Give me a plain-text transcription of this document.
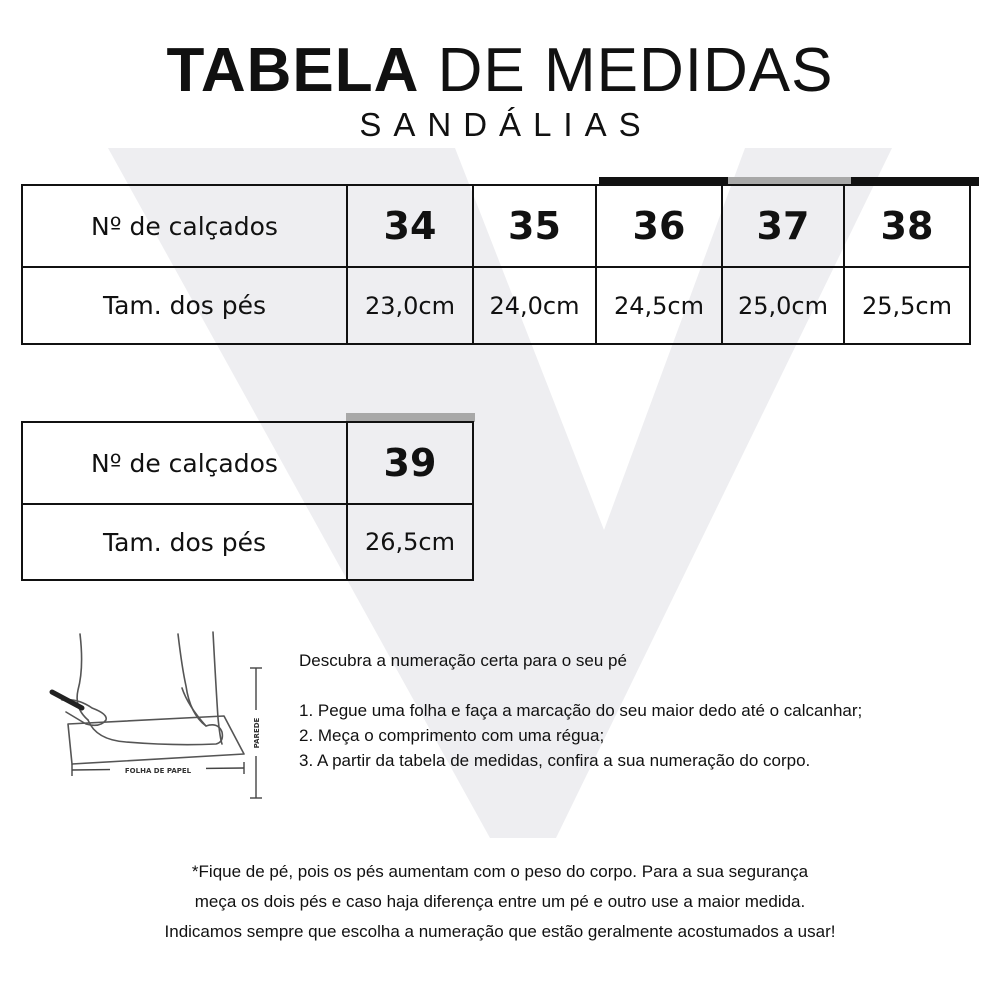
TABELA DE MEDIDAS
SANDÁLIAS
Nº de calçados	34	35	36	37	38
Tam. dos pés	23,0cm	24,0cm	24,5cm	25,0cm	25,5cm
Nº de calçados	39
Tam. dos pés	26,5cm
FOLHA DE PAPEL
PAREDE
Descubra a numeração certa para o seu pé
1. Pegue uma folha e faça a marcação do seu maior dedo até o calcanhar;
2. Meça o comprimento com uma régua;
3. A partir da tabela de medidas, confira a sua numeração do corpo.
*Fique de pé, pois os pés aumentam com o peso do corpo. Para a sua segurança
meça os dois pés e caso haja diferença entre um pé e outro use a maior medida.
Indicamos sempre que escolha a numeração que estão geralmente acostumados a usar!
